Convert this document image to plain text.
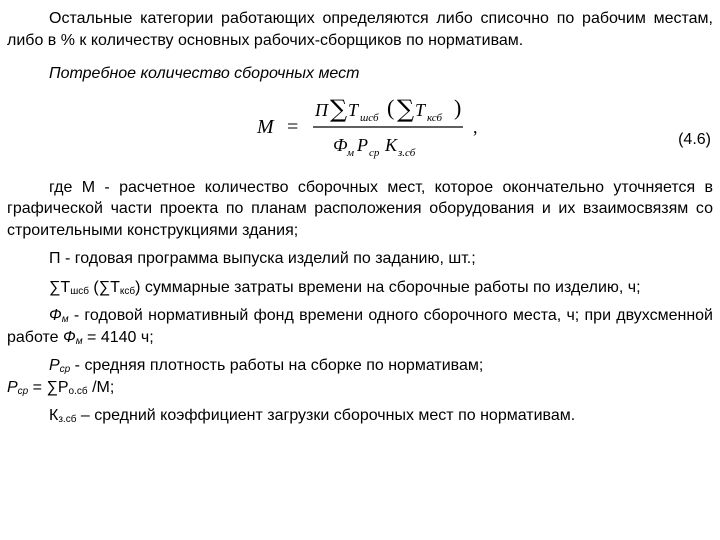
Остальные категории работающих определяются либо списочно по рабочим местам, либо в % к количеству основных рабочих-сборщиков по нормативам.

Потребное количество сборочных мест

M =
П ∑ T шсб ( ∑ T ксб )
Ф м P ср K з.сб
,
(4.6)

где М - расчетное количество сборочных мест, которое окончательно уточняется в графической части проекта по планам расположения оборудования и их взаимосвязям со строительными конструкциями здания;

П - годовая программа выпуска изделий по заданию, шт.;

$\sum Т_{шсб}$ $(\sum Т_{ксб})$ суммарные затраты времени на сборочные работы по изделию, ч;

$Ф_м$ - годовой нормативный фонд времени одного сборочного места, ч; при двухсменной работе $Ф_м = 4140$ ч;

$Р_{ср}$ - средняя плотность работы на сборке по нормативам;

$Р_{ср} = \sum Р_{о.сб}$ /М;

$К_{з.сб}$ – средний коэффициент загрузки сборочных мест по нормативам.
